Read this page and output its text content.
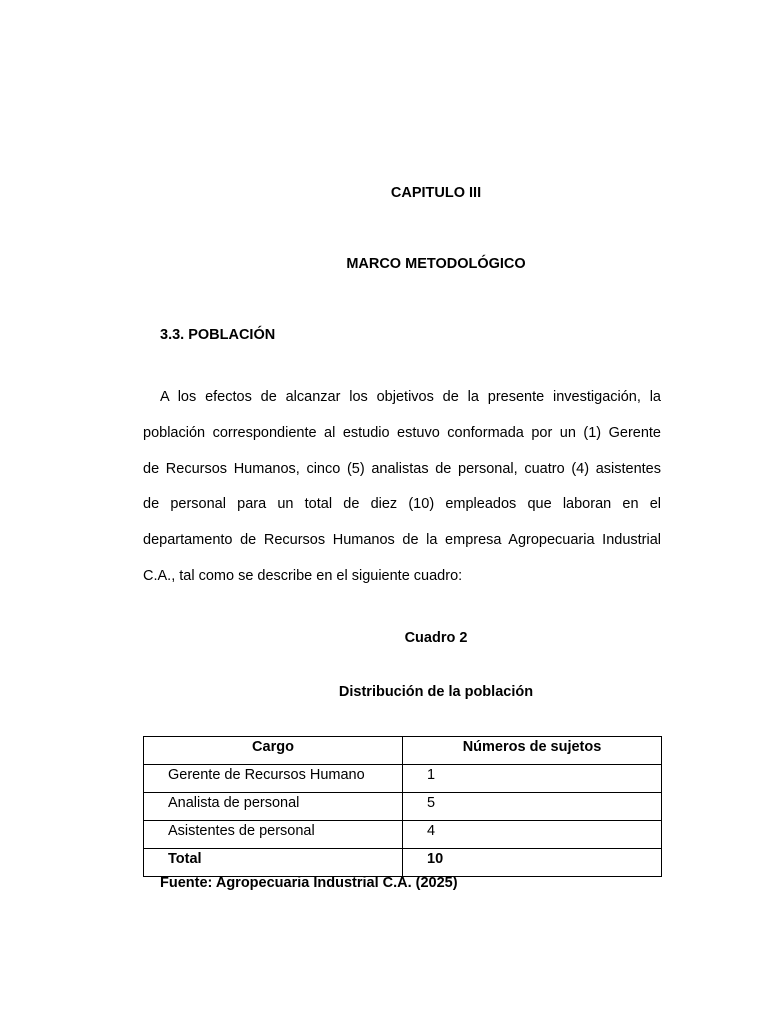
CAPITULO III
MARCO METODOLÓGICO
3.3. POBLACIÓN
A los efectos de alcanzar los objetivos de la presente investigación, la
población correspondiente al estudio estuvo conformada por un (1) Gerente
de Recursos Humanos, cinco (5) analistas de personal, cuatro (4) asistentes
de personal para un total de diez (10) empleados que laboran en el
departamento de Recursos Humanos de la empresa Agropecuaria Industrial
C.A., tal como se describe en el siguiente cuadro:
Cuadro 2
Distribución de la población
Cargo	Números de sujetos
Gerente de Recursos Humano	1
Analista de personal	5
Asistentes de personal	4
Total	10
Fuente: Agropecuaria Industrial C.A. (2025)
